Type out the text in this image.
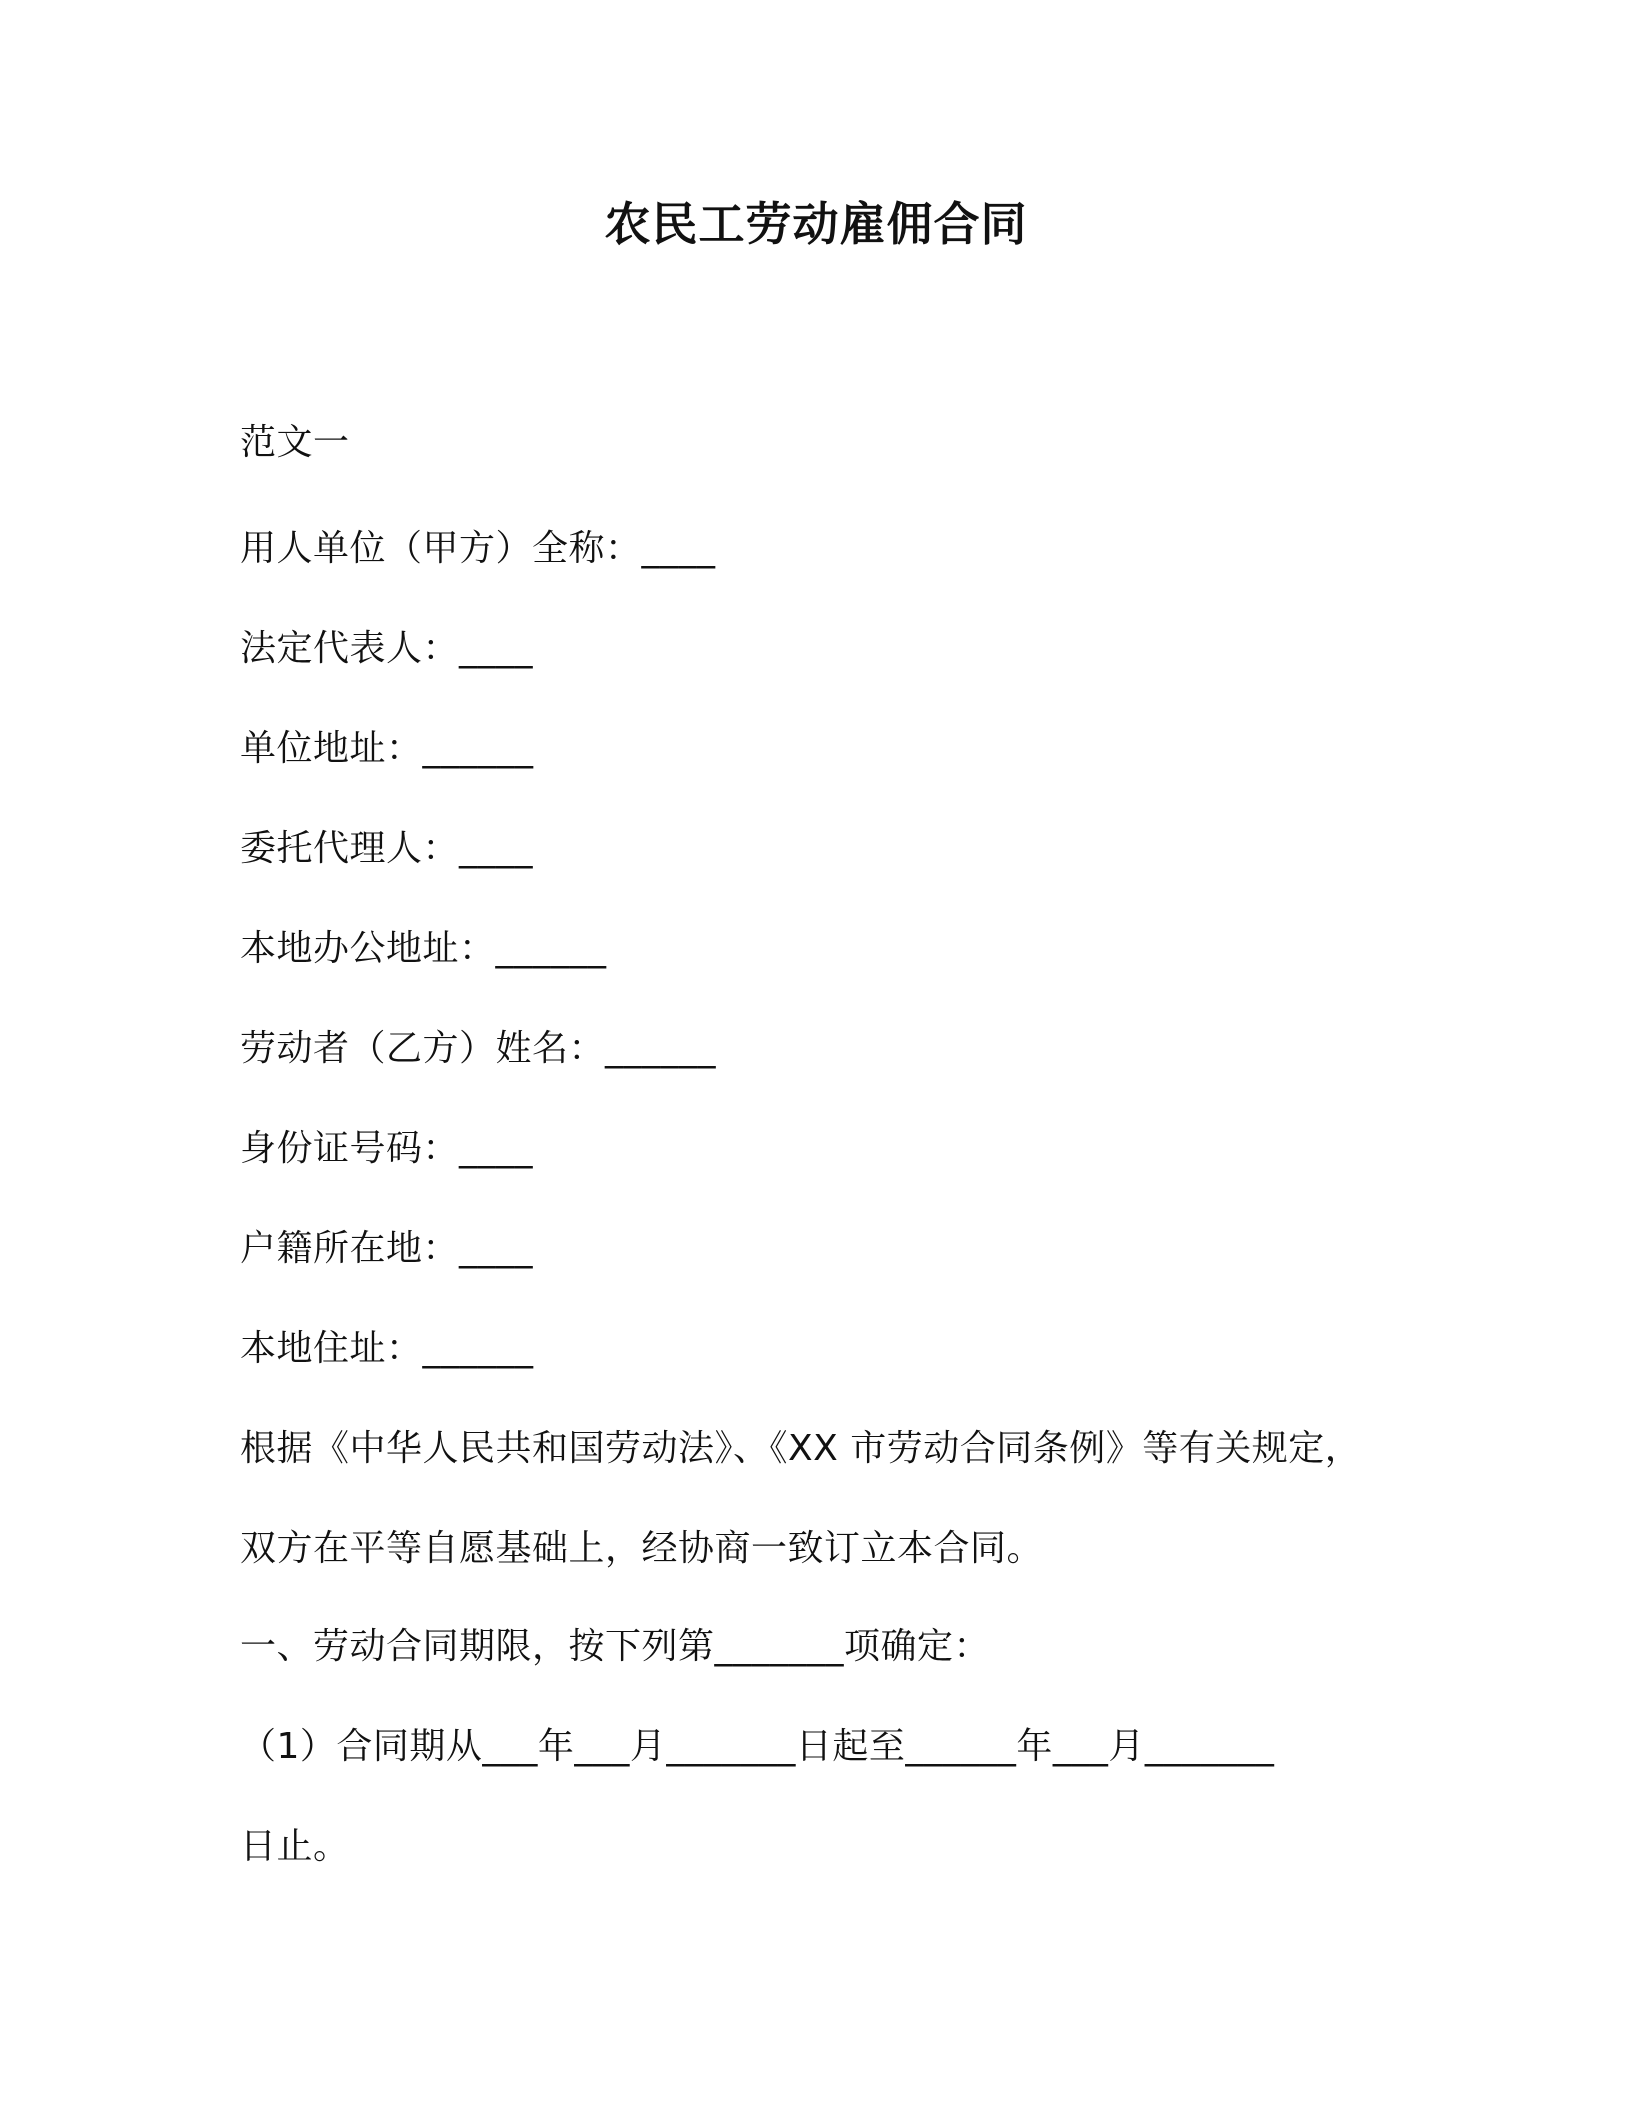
农民工劳动雇佣合同
范文一
用人单位（甲方）全称：____
法定代表人：____
单位地址：______
委托代理人：____
本地办公地址：______
劳动者（乙方）姓名：______
身份证号码：____
户籍所在地：____
本地住址：______
根据《中华人民共和国劳动法》、《XX 市劳动合同条例》等有关规定，
双方在平等自愿基础上，经协商一致订立本合同。
一、劳动合同期限，按下列第_______项确定：
（1）合同期从___年___月_______日起至______年___月_______
日止。
